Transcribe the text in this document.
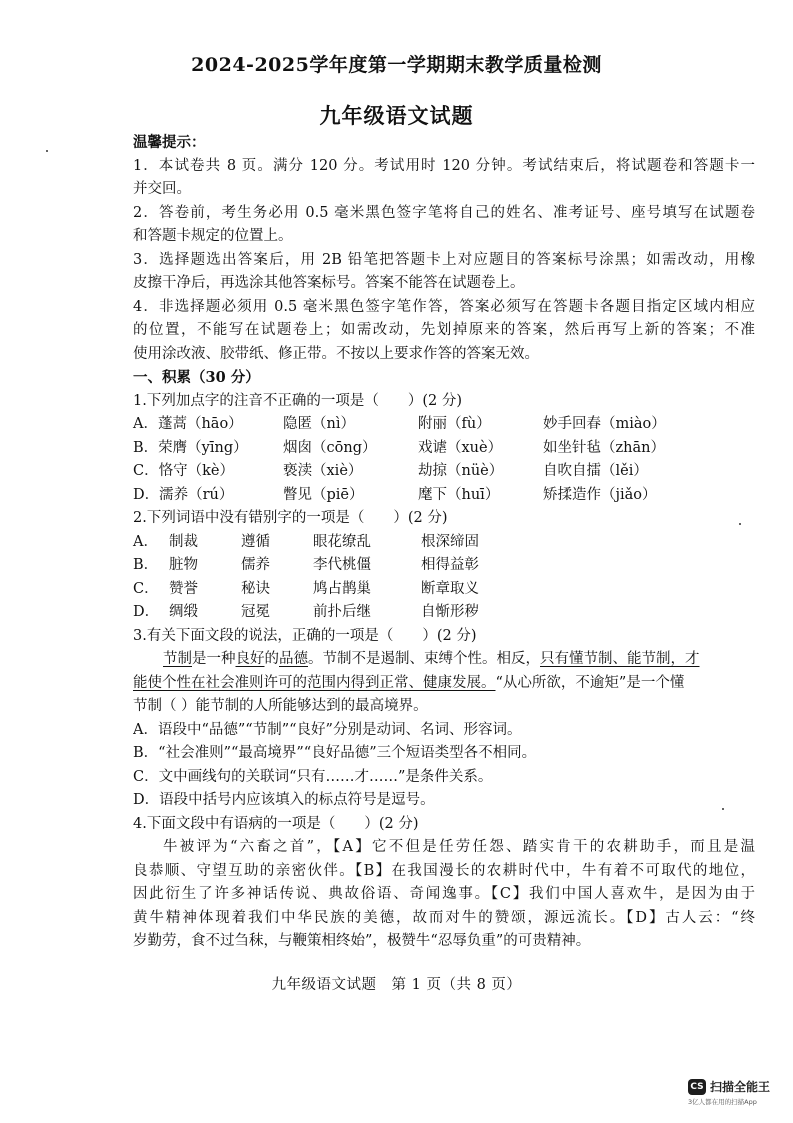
2024-2025学年度第一学期期末教学质量检测
九年级语文试题
温馨提示：
1．本试卷共 8 页。满分 120 分。考试用时 120 分钟。考试结束后，将试题卷和答题卡一
并交回。
2．答卷前，考生务必用 0.5 毫米黑色签字笔将自己的姓名、准考证号、座号填写在试题卷
和答题卡规定的位置上。
3．选择题选出答案后，用 2B 铅笔把答题卡上对应题目的答案标号涂黑；如需改动，用橡
皮擦干净后，再选涂其他答案标号。答案不能答在试题卷上。
4．非选择题必须用 0.5 毫米黑色签字笔作答，答案必须写在答题卡各题目指定区域内相应
的位置，不能写在试题卷上；如需改动，先划掉原来的答案，然后再写上新的答案；不准
使用涂改液、胶带纸、修正带。不按以上要求作答的答案无效。
一、积累（30 分）
1.下列加点字的注音不正确的一项是（　　）(2 分)
A．蓬蒿（hāo）	隐匿（nì）	附丽（fù）	妙手回春（miào）
B．荣膺（yīng）	烟囱（cōng）	戏谑（xuè）	如坐针毡（zhān）
C．恪守（kè）	亵渎（xiè）	劫掠（nüè）	自吹自擂（lěi）
D．濡养（rú）	瞥见（piē）	麾下（huī）	矫揉造作（jiǎo）
2.下列词语中没有错别字的一项是（　　）(2 分)
A． 制裁	遵循	眼花缭乱	根深缔固
B． 脏物	儒养	李代桃僵	相得益彰
C． 赞誉	秘诀	鸠占鹊巢	断章取义
D． 绸缎	冠冕	前扑后继	自惭形秽
3.有关下面文段的说法，正确的一项是（　　）(2 分)
节制是一种良好的品德。节制不是遏制、束缚个性。相反，只有懂节制、能节制，才
能使个性在社会准则许可的范围内得到正常、健康发展。“从心所欲，不逾矩”是一个懂
节制（ ）能节制的人所能够达到的最高境界。
A．语段中“品德”“节制”“良好”分别是动词、名词、形容词。
B．“社会准则”“最高境界”“良好品德”三个短语类型各不相同。
C．文中画线句的关联词“只有……才……”是条件关系。
D．语段中括号内应该填入的标点符号是逗号。
4.下面文段中有语病的一项是（　　）(2 分)
牛被评为“六畜之首”，【A】它不但是任劳任怨、踏实肯干的农耕助手，而且是温
良恭顺、守望互助的亲密伙伴。【B】在我国漫长的农耕时代中，牛有着不可取代的地位，
因此衍生了许多神话传说、典故俗语、奇闻逸事。【C】我们中国人喜欢牛，是因为由于
黄牛精神体现着我们中华民族的美德，故而对牛的赞颂，源远流长。【D】古人云：“终
岁勤劳，食不过刍秣，与鞭策相终始”，极赞牛“忍辱负重”的可贵精神。
九年级语文试题　第 1 页（共 8 页）
CS 扫描全能王
3亿人都在用的扫描App
